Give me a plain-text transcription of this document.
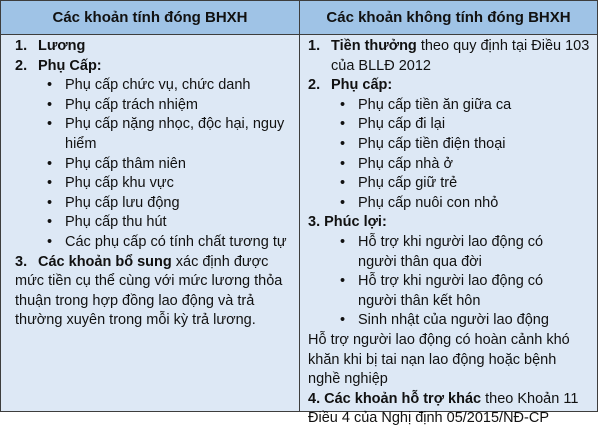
Các khoản tính đóng BHXH
1. Lương
2. Phụ Cấp:
• Phụ cấp chức vụ, chức danh
• Phụ cấp trách nhiệm
• Phụ cấp nặng nhọc, độc hại, nguy hiểm
• Phụ cấp thâm niên
• Phụ cấp khu vực
• Phụ cấp lưu động
• Phụ cấp thu hút
• Các phụ cấp có tính chất tương tự
3. Các khoản bổ sung xác định được mức tiền cụ thể cùng với mức lương thỏa thuận trong hợp đồng lao động và trả thường xuyên trong mỗi kỳ trả lương.
Các khoản không tính đóng BHXH
1. Tiền thưởng theo quy định tại Điều 103 của BLLĐ 2012
2. Phụ cấp:
• Phụ cấp tiền ăn giữa ca
• Phụ cấp đi lại
• Phụ cấp tiền điện thoại
• Phụ cấp nhà ở
• Phụ cấp giữ trẻ
• Phụ cấp nuôi con nhỏ
3. Phúc lợi:
• Hỗ trợ khi người lao động có người thân qua đời
• Hỗ trợ khi người lao động có người thân kết hôn
• Sinh nhật của người lao động
Hỗ trợ người lao động có hoàn cảnh khó khăn khi bị tai nạn lao động hoặc bệnh nghề nghiệp
4. Các khoản hỗ trợ khác theo Khoản 11 Điều 4 của Nghị định 05/2015/NĐ-CP
